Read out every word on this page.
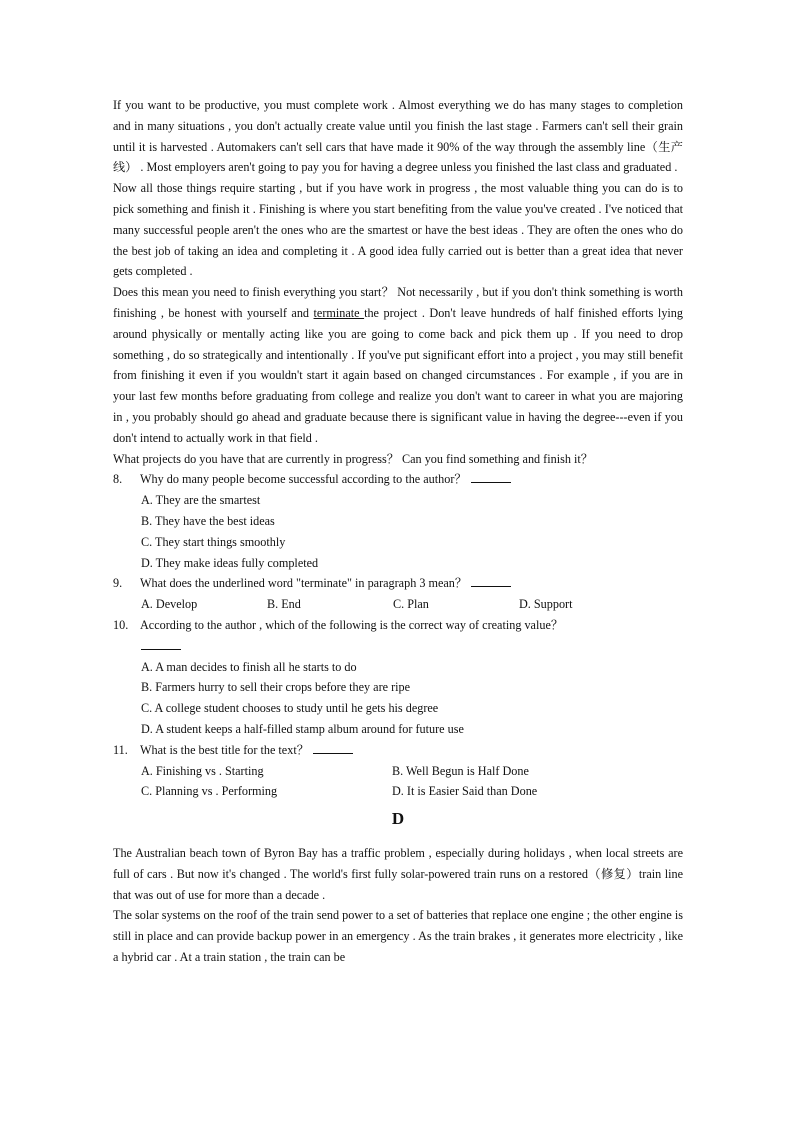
If you want to be productive, you must complete work . Almost everything we do has many stages to completion and in many situations , you don't actually create value until you finish the last stage . Farmers can't sell their grain until it is harvested . Automakers can't sell cars that have made it 90% of the way through the assembly line（生产线） . Most employers aren't going to pay you for having a degree unless you finished the last class and graduated .

Now all those things require starting , but if you have work in progress , the most valuable thing you can do is to pick something and finish it . Finishing is where you start benefiting from the value you've created . I've noticed that many successful people aren't the ones who are the smartest or have the best ideas . They are often the ones who do the best job of taking an idea and completing it . A good idea fully carried out is better than a great idea that never gets completed .

Does this mean you need to finish everything you start？ Not necessarily , but if you don't think something is worth finishing , be honest with yourself and terminate the project . Don't leave hundreds of half finished efforts lying around physically or mentally acting like you are going to come back and pick them up . If you need to drop something , do so strategically and intentionally . If you've put significant effort into a project , you may still benefit from finishing it even if you wouldn't start it again based on changed circumstances . For example , if you are in your last few months before graduating from college and realize you don't want to career in what you are majoring in , you probably should go ahead and graduate because there is significant value in having the degree---even if you don't intend to actually work in that field .

What projects do you have that are currently in progress？ Can you find something and finish it？

8.	Why do many people become successful according to the author？

A. They are the smartest

B. They have the best ideas

C. They start things smoothly

D. They make ideas fully completed

9.	What does the underlined word "terminate" in paragraph 3 mean？
A. Develop	B. End	C. Plan	D. Support
10. According to the author , which of the following is the correct way of creating value？

A. A man decides to finish all he starts to do

B. Farmers hurry to sell their crops before they are ripe

C. A college student chooses to study until he gets his degree

D. A student keeps a half-filled stamp album around for future use

11.	What is the best title for the text？
A. Finishing vs . Starting	B. Well Begun is Half Done
C. Planning vs . Performing	D. It is Easier Said than Done
D

The Australian beach town of Byron Bay has a traffic problem , especially during holidays , when local streets are full of cars . But now it's changed . The world's first fully solar-powered train runs on a restored（修复）train line that was out of use for more than a decade .

The solar systems on the roof of the train send power to a set of batteries that replace one engine ; the other engine is still in place and can provide backup power in an emergency . As the train brakes , it generates more electricity , like a hybrid car . At a train station , the train can be
